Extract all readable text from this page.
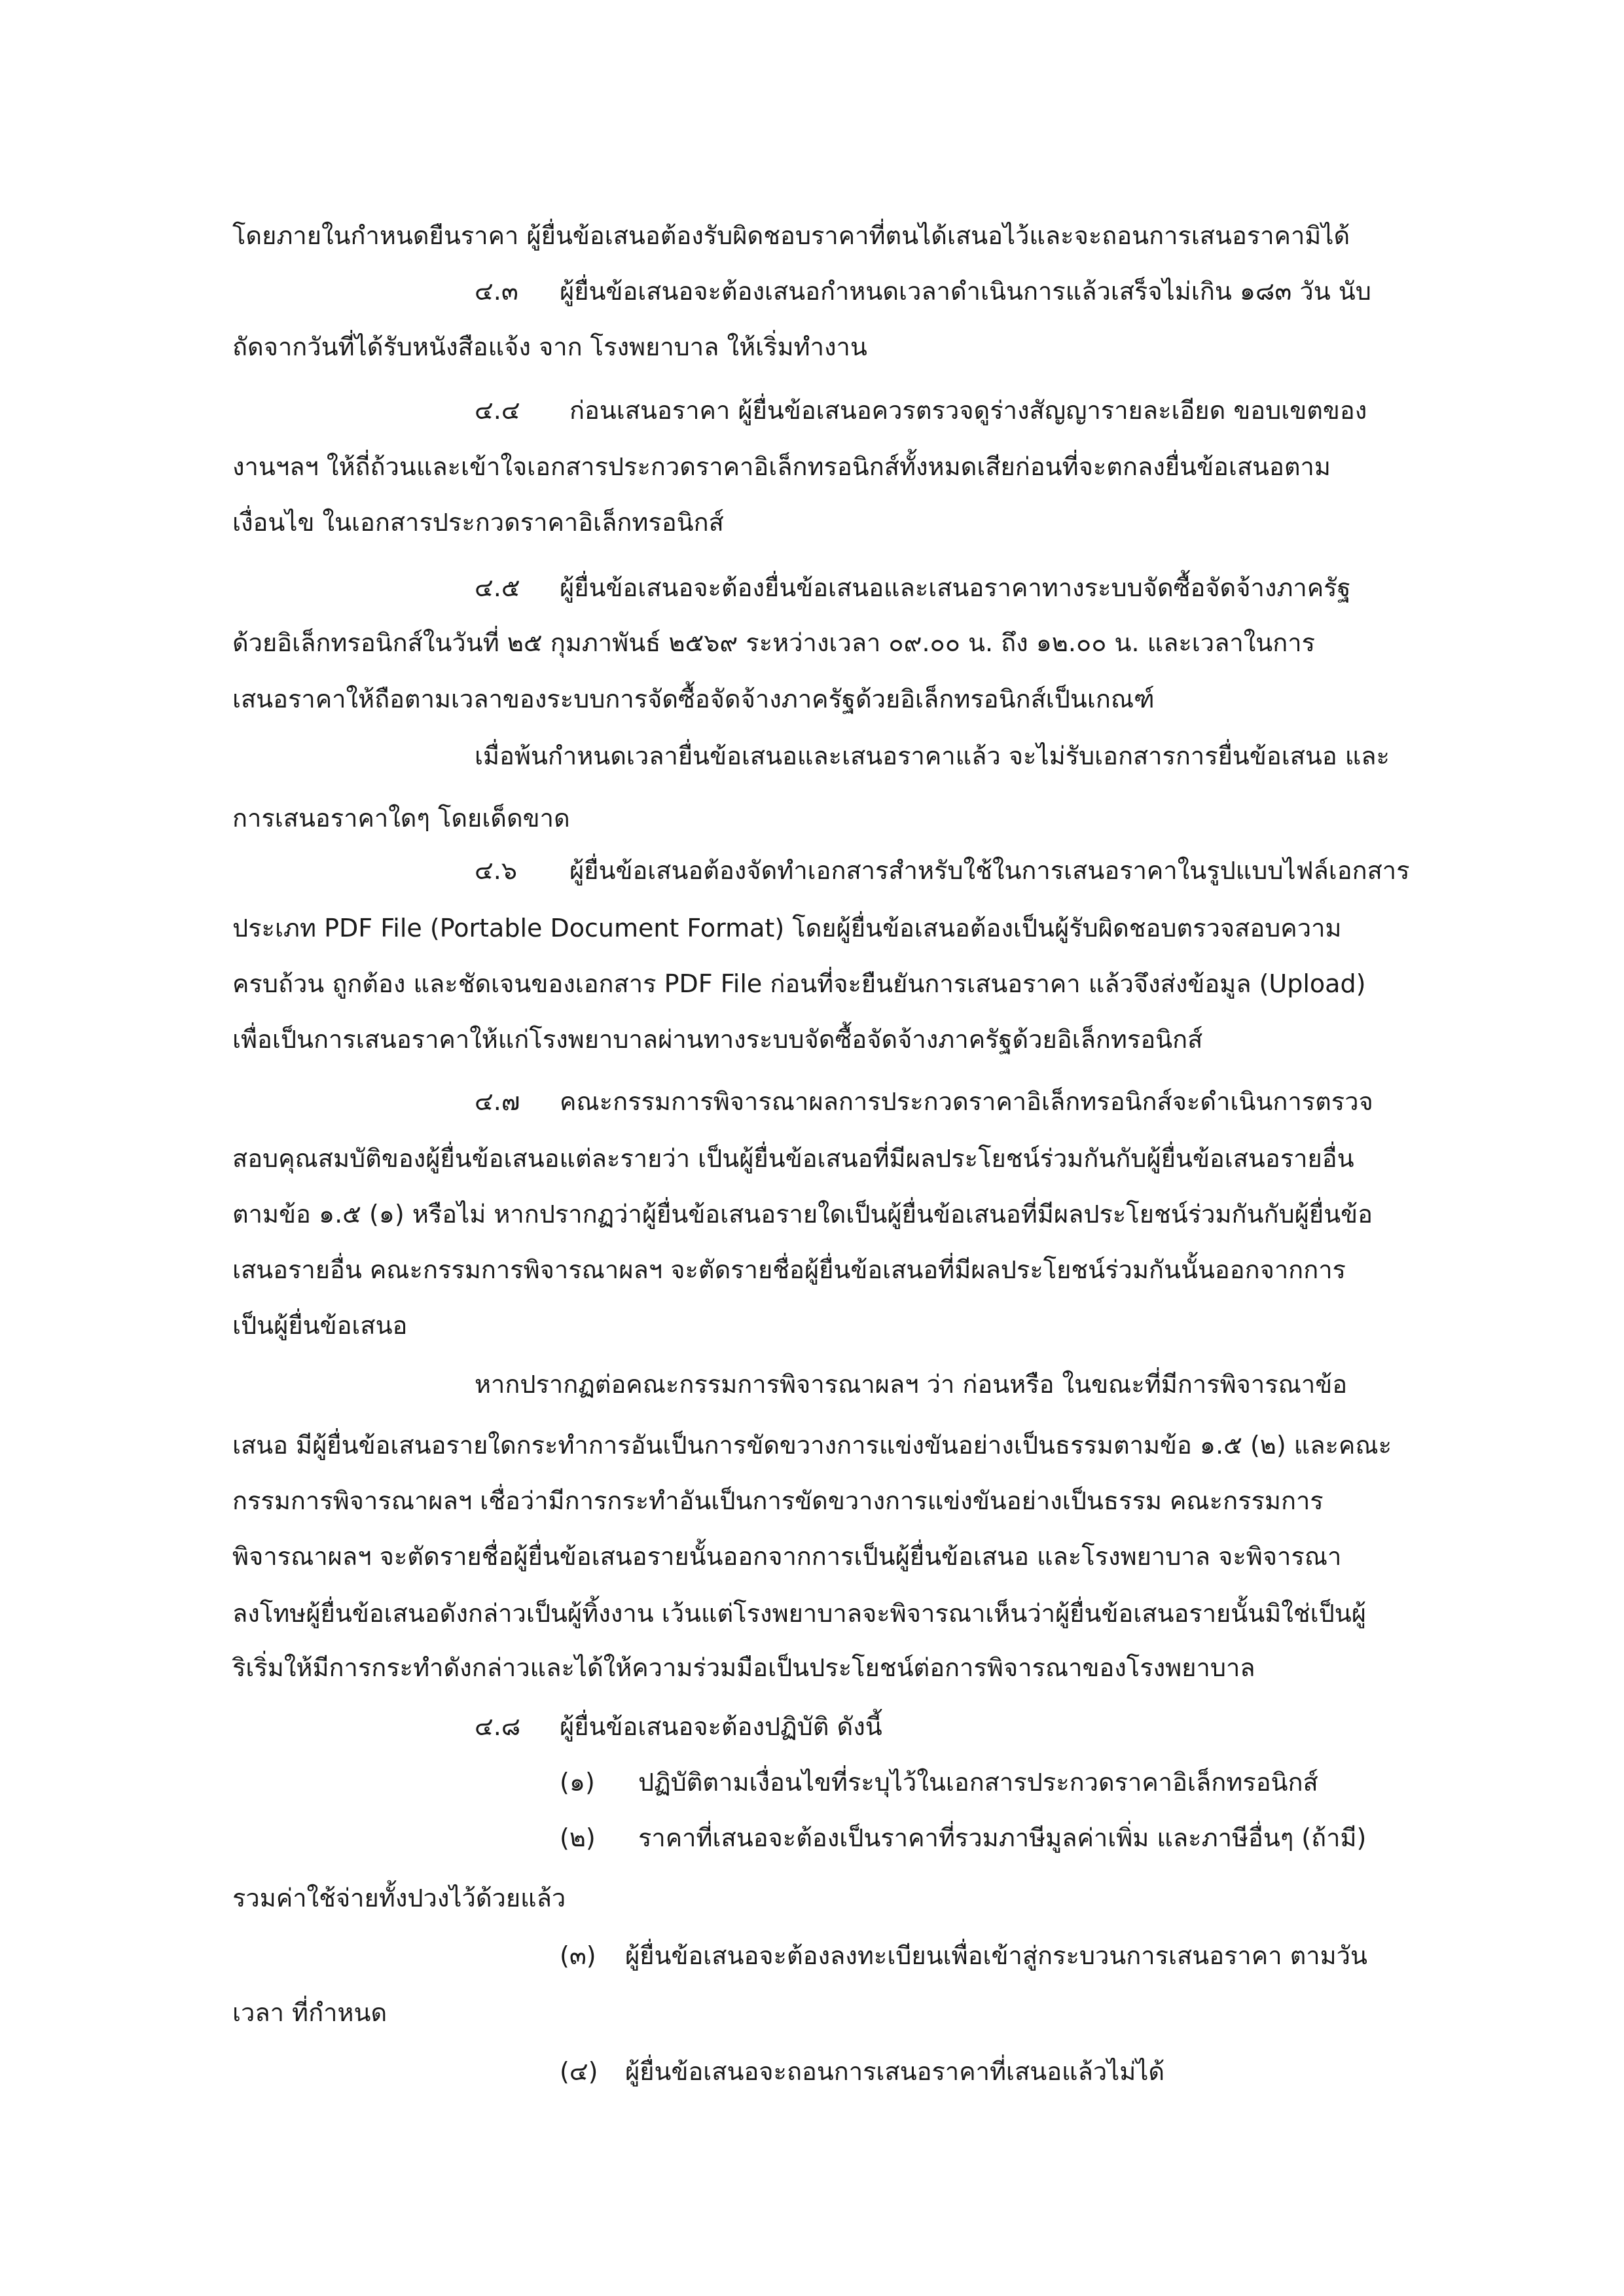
โดยภายในกำหนดยืนราคา ผู้ยื่นข้อเสนอต้องรับผิดชอบราคาที่ตนได้เสนอไว้และจะถอนการเสนอราคามิได้
๔.๓ ผู้ยื่นข้อเสนอจะต้องเสนอกำหนดเวลาดำเนินการแล้วเสร็จไม่เกิน ๑๘๓ วัน นับ
ถัดจากวันที่ได้รับหนังสือแจ้ง จาก โรงพยาบาล ให้เริ่มทำงาน
๔.๔ ก่อนเสนอราคา ผู้ยื่นข้อเสนอควรตรวจดูร่างสัญญารายละเอียด ขอบเขตของ
งานฯลฯ ให้ถี่ถ้วนและเข้าใจเอกสารประกวดราคาอิเล็กทรอนิกส์ทั้งหมดเสียก่อนที่จะตกลงยื่นข้อเสนอตาม
เงื่อนไข ในเอกสารประกวดราคาอิเล็กทรอนิกส์
๔.๕ ผู้ยื่นข้อเสนอจะต้องยื่นข้อเสนอและเสนอราคาทางระบบจัดซื้อจัดจ้างภาครัฐ
ด้วยอิเล็กทรอนิกส์ในวันที่ ๒๕ กุมภาพันธ์ ๒๕๖๙ ระหว่างเวลา ๐๙.๐๐ น. ถึง ๑๒.๐๐ น. และเวลาในการ
เสนอราคาให้ถือตามเวลาของระบบการจัดซื้อจัดจ้างภาครัฐด้วยอิเล็กทรอนิกส์เป็นเกณฑ์
เมื่อพ้นกำหนดเวลายื่นข้อเสนอและเสนอราคาแล้ว จะไม่รับเอกสารการยื่นข้อเสนอ และ
การเสนอราคาใดๆ โดยเด็ดขาด
๔.๖ ผู้ยื่นข้อเสนอต้องจัดทำเอกสารสำหรับใช้ในการเสนอราคาในรูปแบบไฟล์เอกสาร
ประเภท PDF File (Portable Document Format) โดยผู้ยื่นข้อเสนอต้องเป็นผู้รับผิดชอบตรวจสอบความ
ครบถ้วน ถูกต้อง และชัดเจนของเอกสาร PDF File ก่อนที่จะยืนยันการเสนอราคา แล้วจึงส่งข้อมูล (Upload)
เพื่อเป็นการเสนอราคาให้แก่โรงพยาบาลผ่านทางระบบจัดซื้อจัดจ้างภาครัฐด้วยอิเล็กทรอนิกส์
๔.๗ คณะกรรมการพิจารณาผลการประกวดราคาอิเล็กทรอนิกส์จะดำเนินการตรวจ
สอบคุณสมบัติของผู้ยื่นข้อเสนอแต่ละรายว่า เป็นผู้ยื่นข้อเสนอที่มีผลประโยชน์ร่วมกันกับผู้ยื่นข้อเสนอรายอื่น
ตามข้อ ๑.๕ (๑) หรือไม่ หากปรากฏว่าผู้ยื่นข้อเสนอรายใดเป็นผู้ยื่นข้อเสนอที่มีผลประโยชน์ร่วมกันกับผู้ยื่นข้อ
เสนอรายอื่น คณะกรรมการพิจารณาผลฯ จะตัดรายชื่อผู้ยื่นข้อเสนอที่มีผลประโยชน์ร่วมกันนั้นออกจากการ
เป็นผู้ยื่นข้อเสนอ
หากปรากฏต่อคณะกรรมการพิจารณาผลฯ ว่า ก่อนหรือ ในขณะที่มีการพิจารณาข้อ
เสนอ มีผู้ยื่นข้อเสนอรายใดกระทำการอันเป็นการขัดขวางการแข่งขันอย่างเป็นธรรมตามข้อ ๑.๕ (๒) และคณะ
กรรมการพิจารณาผลฯ เชื่อว่ามีการกระทำอันเป็นการขัดขวางการแข่งขันอย่างเป็นธรรม คณะกรรมการ
พิจารณาผลฯ จะตัดรายชื่อผู้ยื่นข้อเสนอรายนั้นออกจากการเป็นผู้ยื่นข้อเสนอ และโรงพยาบาล จะพิจารณา
ลงโทษผู้ยื่นข้อเสนอดังกล่าวเป็นผู้ทิ้งงาน เว้นแต่โรงพยาบาลจะพิจารณาเห็นว่าผู้ยื่นข้อเสนอรายนั้นมิใช่เป็นผู้
ริเริ่มให้มีการกระทำดังกล่าวและได้ให้ความร่วมมือเป็นประโยชน์ต่อการพิจารณาของโรงพยาบาล
๔.๘ ผู้ยื่นข้อเสนอจะต้องปฏิบัติ ดังนี้
(๑) ปฏิบัติตามเงื่อนไขที่ระบุไว้ในเอกสารประกวดราคาอิเล็กทรอนิกส์
(๒) ราคาที่เสนอจะต้องเป็นราคาที่รวมภาษีมูลค่าเพิ่ม และภาษีอื่นๆ (ถ้ามี)
รวมค่าใช้จ่ายทั้งปวงไว้ด้วยแล้ว
(๓) ผู้ยื่นข้อเสนอจะต้องลงทะเบียนเพื่อเข้าสู่กระบวนการเสนอราคา ตามวัน
เวลา ที่กำหนด
(๔) ผู้ยื่นข้อเสนอจะถอนการเสนอราคาที่เสนอแล้วไม่ได้
